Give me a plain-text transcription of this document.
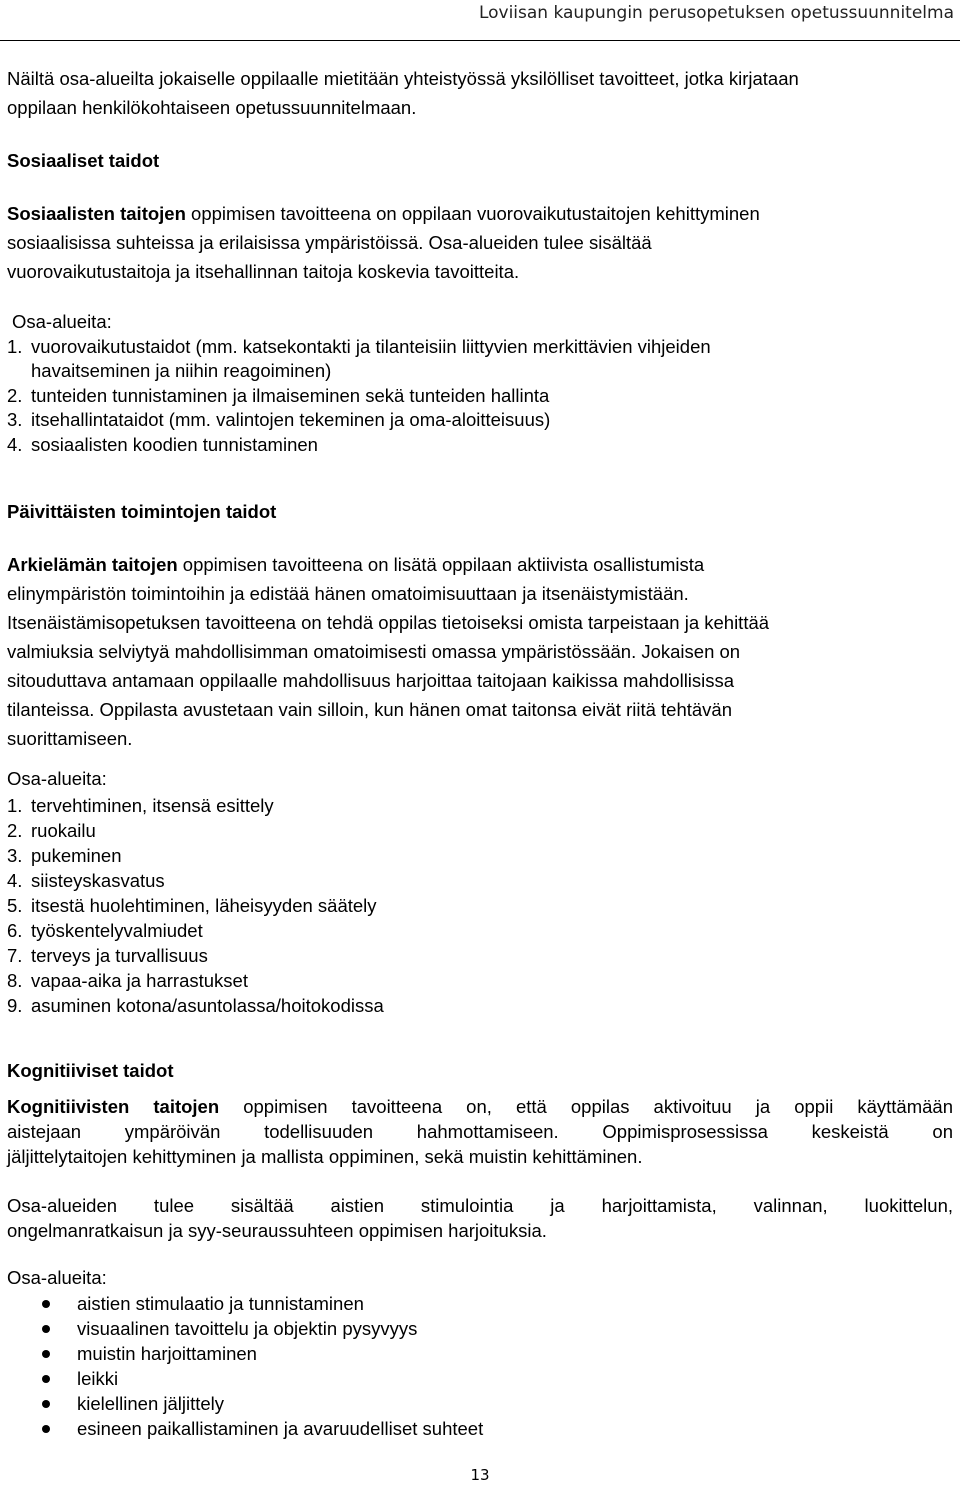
Loviisan kaupungin perusopetuksen opetussuunnitelma

Näiltä osa-alueilta jokaiselle oppilaalle mietitään yhteistyössä yksilölliset tavoitteet, jotka kirjataan
oppilaan henkilökohtaiseen opetussuunnitelmaan.

Sosiaaliset taidot

Sosiaalisten taitojen oppimisen tavoitteena on oppilaan vuorovaikutustaitojen kehittyminen
sosiaalisissa suhteissa ja erilaisissa ympäristöissä. Osa-alueiden tulee sisältää
vuorovaikutustaitoja ja itsehallinnan taitoja koskevia tavoitteita.

Osa-alueita:

1. vuorovaikutustaidot (mm. katsekontakti ja tilanteisiin liittyvien merkittävien vihjeiden
havaitseminen ja niihin reagoiminen)
2. tunteiden tunnistaminen ja ilmaiseminen sekä tunteiden hallinta
3. itsehallintataidot (mm. valintojen tekeminen ja oma-aloitteisuus)
4. sosiaalisten koodien tunnistaminen

Päivittäisten toimintojen taidot

Arkielämän taitojen oppimisen tavoitteena on lisätä oppilaan aktiivista osallistumista
elinympäristön toimintoihin ja edistää hänen omatoimisuuttaan ja itsenäistymistään.
Itsenäistämisopetuksen tavoitteena on tehdä oppilas tietoiseksi omista tarpeistaan ja kehittää
valmiuksia selviytyä mahdollisimman omatoimisesti omassa ympäristössään. Jokaisen on
sitouduttava antamaan oppilaalle mahdollisuus harjoittaa taitojaan kaikissa mahdollisissa
tilanteissa. Oppilasta avustetaan vain silloin, kun hänen omat taitonsa eivät riitä tehtävän
suorittamiseen.

Osa-alueita:

1. tervehtiminen, itsensä esittely
2. ruokailu
3. pukeminen
4. siisteyskasvatus
5. itsestä huolehtiminen, läheisyyden säätely
6. työskentelyvalmiudet
7. terveys ja turvallisuus
8. vapaa-aika ja harrastukset
9. asuminen kotona/asuntolassa/hoitokodissa

Kognitiiviset taidot

Kognitiivisten taitojen oppimisen tavoitteena on, että oppilas aktivoituu ja oppii käyttämään
aistejaan ympäröivän todellisuuden hahmottamiseen. Oppimisprosessissa keskeistä on
jäljittelytaitojen kehittyminen ja mallista oppiminen, sekä muistin kehittäminen.

Osa-alueiden tulee sisältää aistien stimulointia ja harjoittamista, valinnan, luokittelun,
ongelmanratkaisun ja syy-seuraussuhteen oppimisen harjoituksia.

Osa-alueita:

aistien stimulaatio ja tunnistaminen
visuaalinen tavoittelu ja objektin pysyvyys
muistin harjoittaminen
leikki
kielellinen jäljittely
esineen paikallistaminen ja avaruudelliset suhteet
13
